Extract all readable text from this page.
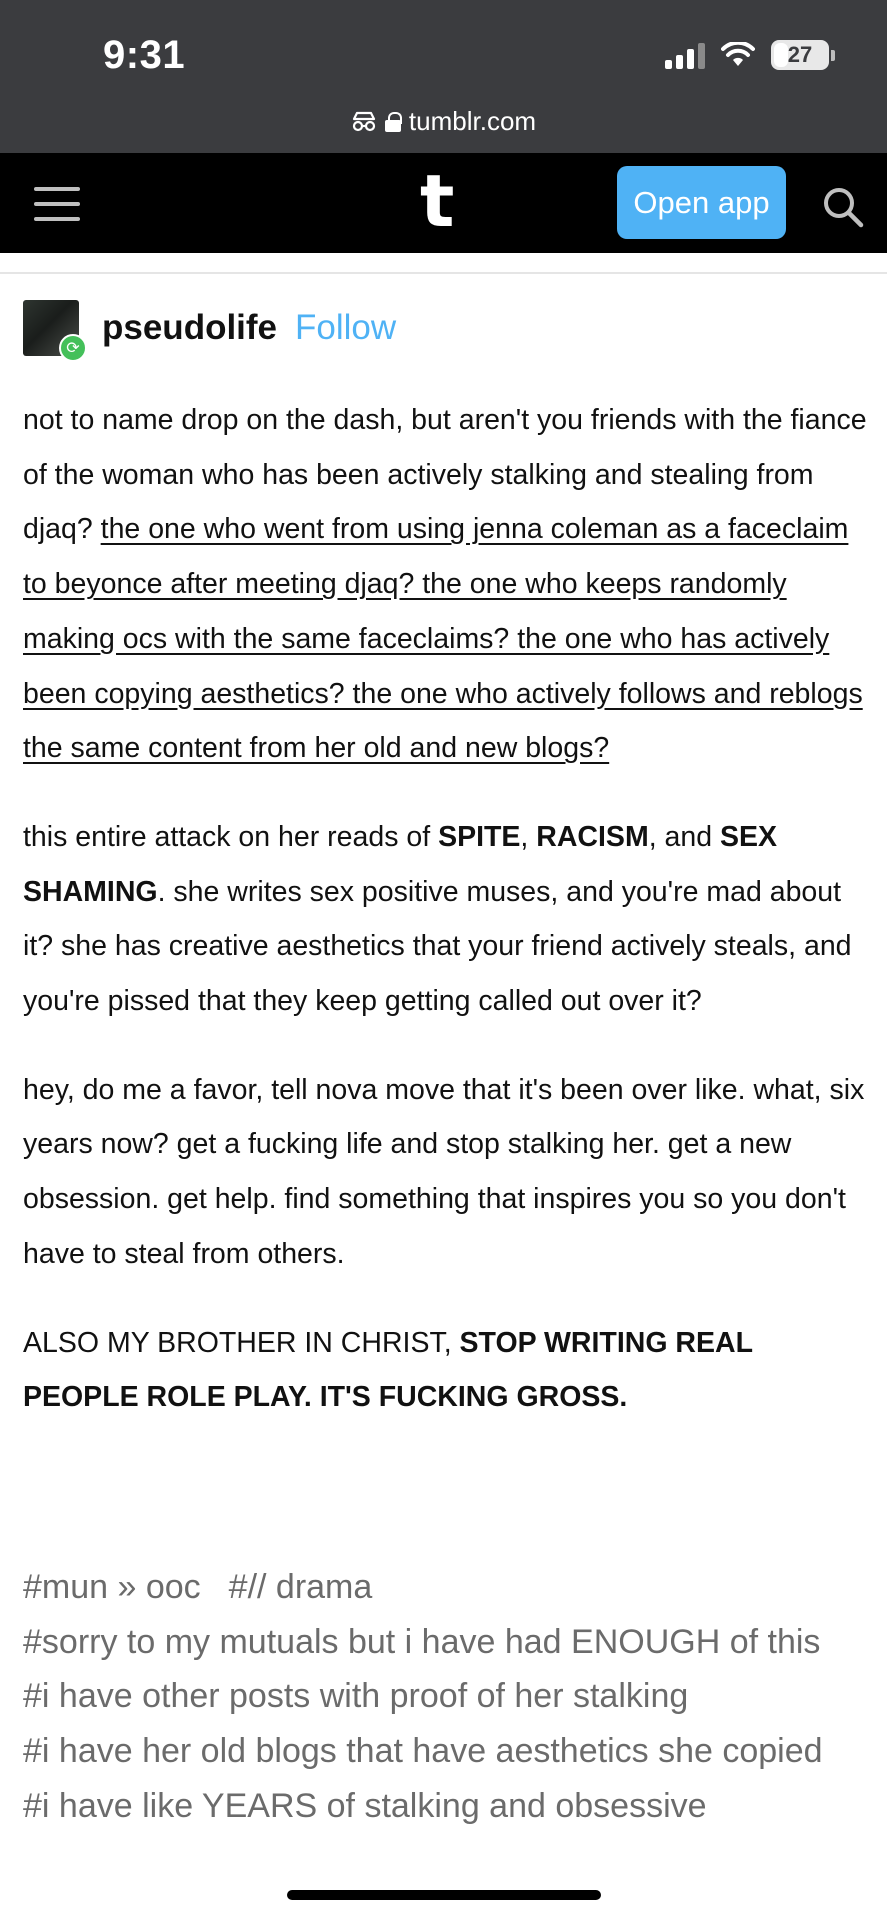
9:31	27
tumblr.com
t	Open app
⟳
pseudolife Follow

not to name drop on the dash, but aren't you friends with the fiance of the woman who has been actively stalking and stealing from djaq? the one who went from using jenna coleman as a faceclaim to beyonce after meeting djaq? the one who keeps randomly making ocs with the same faceclaims? the one who has actively been copying aesthetics? the one who actively follows and reblogs the same content from her old and new blogs?

this entire attack on her reads of SPITE, RACISM, and SEX SHAMING. she writes sex positive muses, and you're mad about it? she has creative aesthetics that your friend actively steals, and you're pissed that they keep getting called out over it?

hey, do me a favor, tell nova move that it's been over like. what, six years now? get a fucking life and stop stalking her. get a new obsession. get help. find something that inspires you so you don't have to steal from others.

ALSO MY BROTHER IN CHRIST, STOP WRITING REAL PEOPLE ROLE PLAY. IT'S FUCKING GROSS.

#mun » ooc #// drama
#sorry to my mutuals but i have had ENOUGH of this
#i have other posts with proof of her stalking
#i have her old blogs that have aesthetics she copied
#i have like YEARS of stalking and obsessive
